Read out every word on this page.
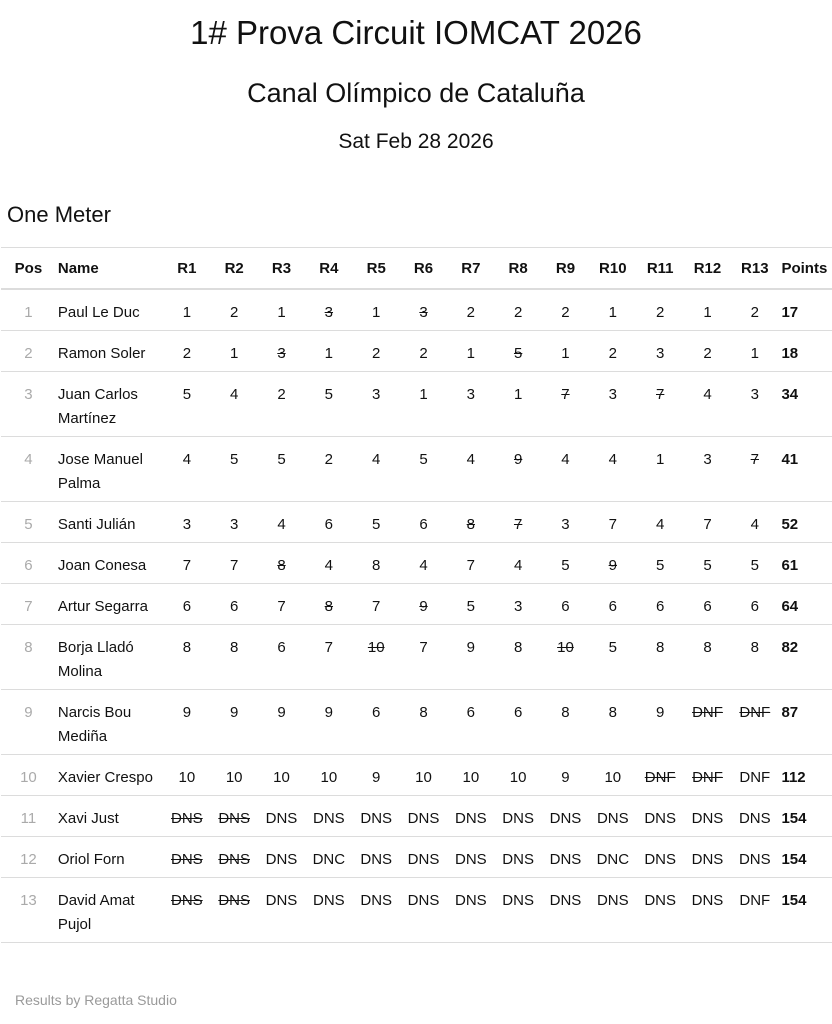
1# Prova Circuit IOMCAT 2026
Canal Olímpico de Cataluña
Sat Feb 28 2026
One Meter
Pos	Name	R1	R2	R3	R4	R5	R6	R7	R8	R9	R10	R11	R12	R13	Points
1	Paul Le Duc	1	2	1	3	1	3	2	2	2	1	2	1	2	17
2	Ramon Soler	2	1	3	1	2	2	1	5	1	2	3	2	1	18
3	Juan Carlos Martínez	5	4	2	5	3	1	3	1	7	3	7	4	3	34
4	Jose Manuel Palma	4	5	5	2	4	5	4	9	4	4	1	3	7	41
5	Santi Julián	3	3	4	6	5	6	8	7	3	7	4	7	4	52
6	Joan Conesa	7	7	8	4	8	4	7	4	5	9	5	5	5	61
7	Artur Segarra	6	6	7	8	7	9	5	3	6	6	6	6	6	64
8	Borja Lladó Molina	8	8	6	7	10	7	9	8	10	5	8	8	8	82
9	Narcis Bou Mediña	9	9	9	9	6	8	6	6	8	8	9	DNF	DNF	87
10	Xavier Crespo	10	10	10	10	9	10	10	10	9	10	DNF	DNF	DNF	112
11	Xavi Just	DNS	DNS	DNS	DNS	DNS	DNS	DNS	DNS	DNS	DNS	DNS	DNS	DNS	154
12	Oriol Forn	DNS	DNS	DNS	DNC	DNS	DNS	DNS	DNS	DNS	DNC	DNS	DNS	DNS	154
13	David Amat Pujol	DNS	DNS	DNS	DNS	DNS	DNS	DNS	DNS	DNS	DNS	DNS	DNS	DNF	154
Results by Regatta Studio
